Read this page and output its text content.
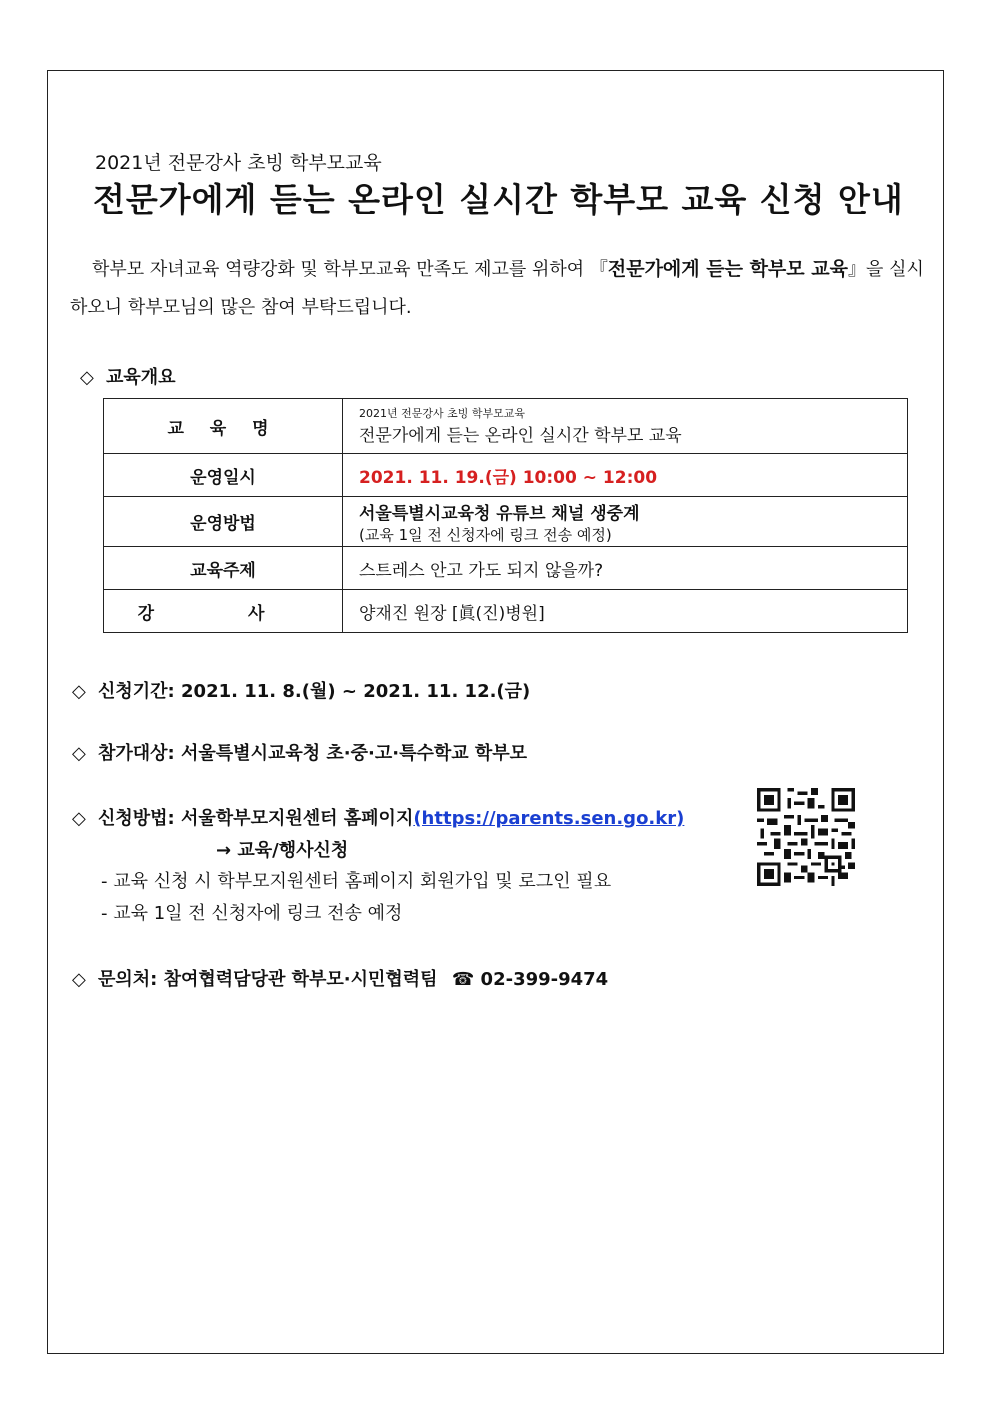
2021년 전문강사 초빙 학부모교육
전문가에게 듣는 온라인 실시간 학부모 교육 신청 안내
학부모 자녀교육 역량강화 및 학부모교육 만족도 제고를 위하여 『전문가에게 듣는 학부모 교육』을 실시하오니 학부모님의 많은 참여 부탁드립니다.
◇ 교육개요
교 육 명	2021년 전문강사 초빙 학부모교육
전문가에게 듣는 온라인 실시간 학부모 교육
운영일시	2021. 11. 19.(금) 10:00 ~ 12:00
운영방법	서울특별시교육청 유튜브 채널 생중계
(교육 1일 전 신청자에 링크 전송 예정)

교육주제	스트레스 안고 가도 되지 않을까?
강 사	양재진 원장 [眞(진)병원]
◇ 신청기간: 2021. 11. 8.(월) ~ 2021. 11. 12.(금)
◇ 참가대상: 서울특별시교육청 초·중·고·특수학교 학부모
◇ 신청방법: 서울학부모지원센터 홈페이지(https://parents.sen.go.kr)
→ 교육/행사신청
- 교육 신청 시 학부모지원센터 홈페이지 회원가입 및 로그인 필요
- 교육 1일 전 신청자에 링크 전송 예정
◇ 문의처: 참여협력담당관 학부모·시민협력팀 ☎ 02-399-9474
